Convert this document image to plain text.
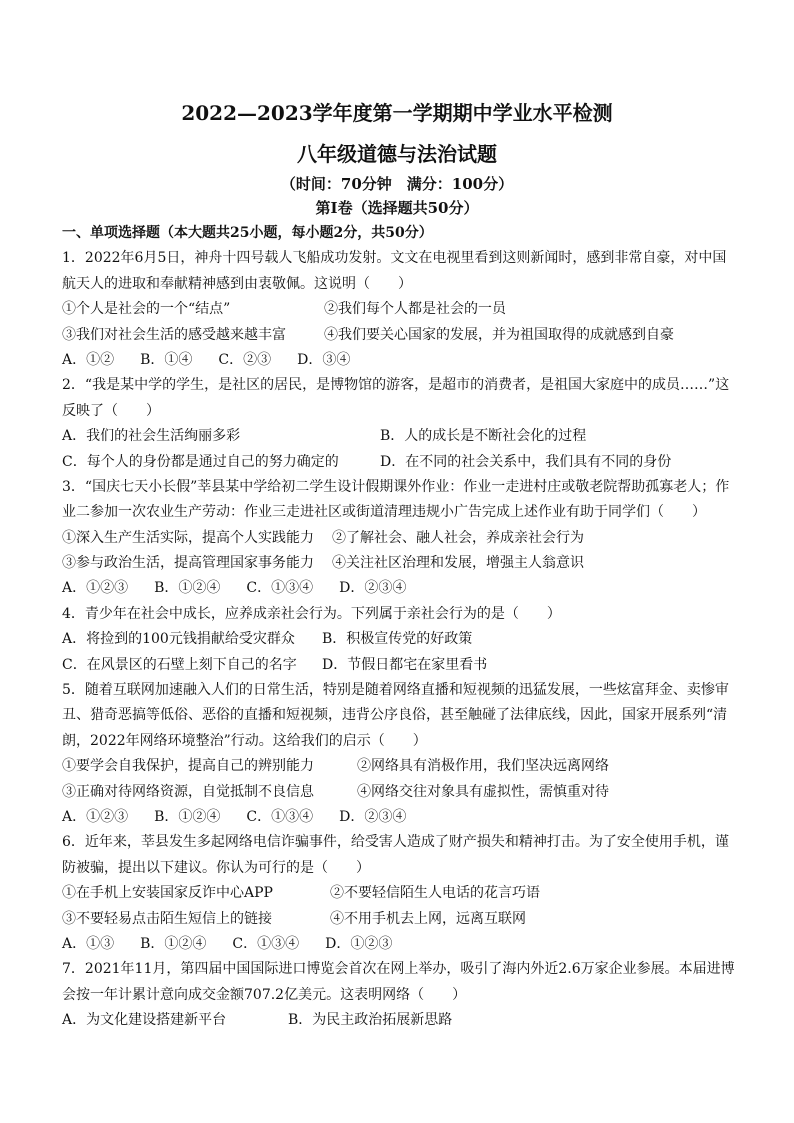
2022—2023学年度第一学期期中学业水平检测
八年级道德与法治试题
（时间：70分钟　满分：100分）
第Ⅰ卷（选择题共50分）
一、单项选择题（本大题共25小题，每小题2分，共50分）
1．2022年6月5日，神舟十四号载人飞船成功发射。文文在电视里看到这则新闻时，感到非常自豪，对中国
航天人的进取和奉献精神感到由衷敬佩。这说明（　　）
①个人是社会的一个“结点”	②我们每个人都是社会的一员
③我们对社会生活的感受越来越丰富	④我们要关心国家的发展，并为祖国取得的成就感到自豪
A．①② B．①④ C．②③ D．③④
2．“我是某中学的学生，是社区的居民，是博物馆的游客，是超市的消费者，是祖国大家庭中的成员……”这
反映了（　　）
A．我们的社会生活绚丽多彩	B．人的成长是不断社会化的过程
C．每个人的身份都是通过自己的努力确定的	D．在不同的社会关系中，我们具有不同的身份
3．“国庆七天小长假”莘县某中学给初二学生设计假期课外作业：作业一走进村庄或敬老院帮助孤寡老人；作
业二参加一次农业生产劳动：作业三走进社区或街道清理违规小广告完成上述作业有助于同学们（　　）
①深入生产生活实际，提高个人实践能力	②了解社会、融人社会，养成亲社会行为
③参与政治生活，提高管理国家事务能力	④关注社区治理和发展，增强主人翁意识
A．①②③ B．①②④ C．①③④ D．②③④
4．青少年在社会中成长，应养成亲社会行为。下列属于亲社会行为的是（　　）
A．将捡到的100元钱捐献给受灾群众	B．积极宣传党的好政策
C．在风景区的石壁上刻下自己的名字	D．节假日都宅在家里看书
5．随着互联网加速融入人们的日常生活，特别是随着网络直播和短视频的迅猛发展，一些炫富拜金、卖惨审
丑、猎奇恶搞等低俗、恶俗的直播和短视频，违背公序良俗，甚至触碰了法律底线，因此，国家开展系列“清
朗，2022年网络环境整治”行动。这给我们的启示（　　）
①要学会自我保护，提高自己的辨别能力	②网络具有消极作用，我们坚决远离网络
③正确对待网络资源，自觉抵制不良信息	④网络交往对象具有虚拟性，需慎重对待
A．①②③ B．①②④ C．①③④ D．②③④
6．近年来，莘县发生多起网络电信诈骗事件，给受害人造成了财产损失和精神打击。为了安全使用手机，谨
防被骗，提出以下建议。你认为可行的是（　　）
①在手机上安装国家反诈中心APP	②不要轻信陌生人电话的花言巧语
③不要轻易点击陌生短信上的链接	④不用手机去上网，远离互联网
A．①③ B．①②④ C．①③④ D．①②③
7．2021年11月，第四届中国国际进口博览会首次在网上举办，吸引了海内外近2.6万家企业参展。本届进博
会按一年计累计意向成交金额707.2亿美元。这表明网络（　　）
A．为文化建设搭建新平台	B．为民主政治拓展新思路
